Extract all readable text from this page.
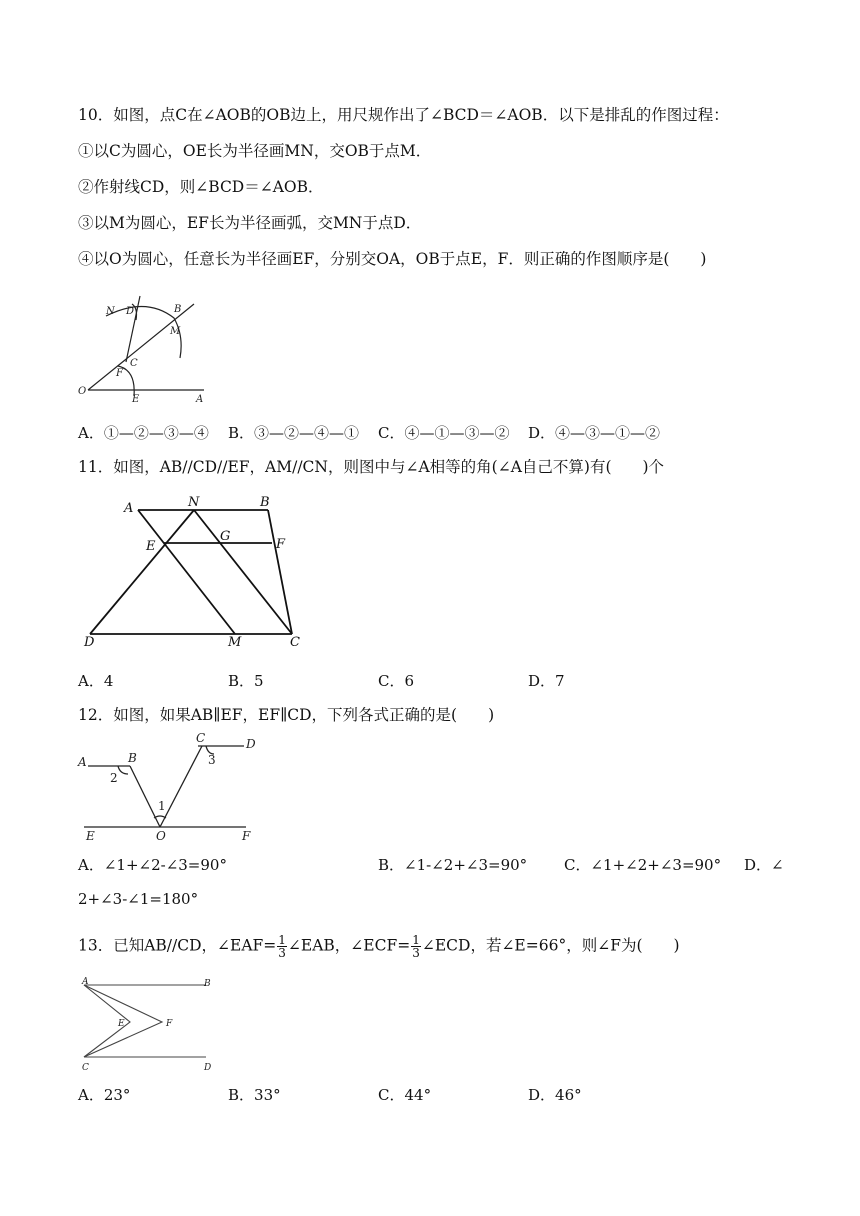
10．如图，点C在∠AOB的OB边上，用尺规作出了∠BCD＝∠AOB．以下是排乱的作图过程：
①以C为圆心，OE长为半径画MN，交OB于点M．
②作射线CD，则∠BCD＝∠AOB．
③以M为圆心，EF长为半径画弧，交MN于点D．
④以O为圆心，任意长为半径画EF，分别交OA，OB于点E，F．则正确的作图顺序是(　　)
N D	B
M
C
F
O
E	A
A．①—②—③—④ B．③—②—④—① C．④—①—③—② D．④—③—①—②
11．如图，AB//CD//EF，AM//CN，则图中与∠A相等的角(∠A自己不算)有(　　)个
A	N	B
E
G
F
D	M	C
A．4	B．5	C．6	D．7
12．如图，如果AB∥EF，EF∥CD，下列各式正确的是(　　)
A	B
C	D
E	O	F
1
2
3
A．∠1+∠2-∠3=90°	B．∠1-∠2+∠3=90° C．∠1+∠2+∠3=90° D．∠
2+∠3-∠1=180°
13．已知AB//CD，∠EAF= $\frac{1}{3}$ ∠EAB，∠ECF= $\frac{1}{3}$ ∠ECD，若∠E=66°，则∠F为(　　)
A	B
E	F
C	D
A．23°	B．33°	C．44°	D．46°
